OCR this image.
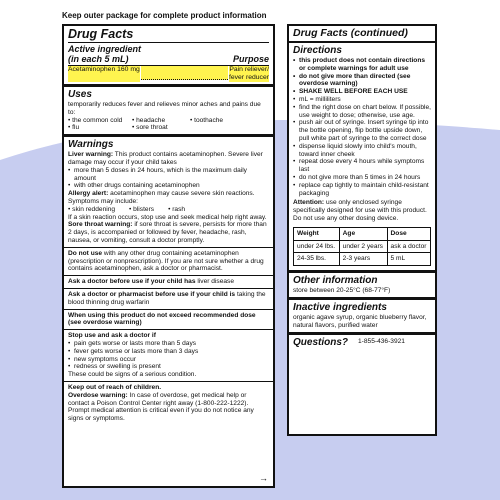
Keep outer package for complete product information
Drug Facts
Active ingredient
(in each 5 mL)	Purpose
Acetaminophen 160 mg	Pain reliever/
fever reducer
Uses

temporarily reduces fever and relieves minor aches and pains due to:

• the common cold	• headache	• toothache
• flu	• sore throat
Warnings

Liver warning: This product contains acetaminophen. Severe liver damage may occur if your child takes

• more than 5 doses in 24 hours, which is the maximum daily amount
• with other drugs containing acetaminophen

Allergy alert: acetaminophen may cause severe skin reactions. Symptoms may include:

• skin reddening • blisters • rash

If a skin reaction occurs, stop use and seek medical help right away.

Sore throat warning: if sore throat is severe, persists for more than 2 days, is accompanied or followed by fever, headache, rash, nausea, or vomiting, consult a doctor promptly.

Do not use with any other drug containing acetaminophen (prescription or nonprescription). If you are not sure whether a drug contains acetaminophen, ask a doctor or pharmacist.

Ask a doctor before use if your child has liver disease

Ask a doctor or pharmacist before use if your child is taking the blood thinning drug warfarin

When using this product do not exceed recommended dose (see overdose warning)

Stop use and ask a doctor if

• pain gets worse or lasts more than 5 days
• fever gets worse or lasts more than 3 days
• new symptoms occur
• redness or swelling is present

These could be signs of a serious condition.

Keep out of reach of children.

Overdose warning: In case of overdose, get medical help or contact a Poison Control Center right away (1-800-222-1222). Prompt medical attention is critical even if you do not notice any signs or symptoms.

→
Drug Facts (continued)
Directions
• this product does not contain directions or complete warnings for adult use
• do not give more than directed (see overdose warning)
• SHAKE WELL BEFORE EACH USE
• mL = milliliters
• find the right dose on chart below. If possible, use weight to dose; otherwise, use age.
• push air out of syringe. Insert syringe tip into the bottle opening, flip bottle upside down, pull white part of syringe to the correct dose
• dispense liquid slowly into child's mouth, toward inner cheek
• repeat dose every 4 hours while symptoms last
• do not give more than 5 times in 24 hours
• replace cap tightly to maintain child-resistant packaging

Attention: use only enclosed syringe specifically designed for use with this product. Do not use any other dosing device.

Weight	Age	Dose
under 24 lbs.	under 2 years	ask a doctor
24-35 lbs.	2-3 years	5 mL
Other information

store between 20-25°C (68-77°F)

Inactive ingredients

organic agave syrup, organic blueberry flavor, natural flavors, purified water

Questions? 1-855-436-3921
